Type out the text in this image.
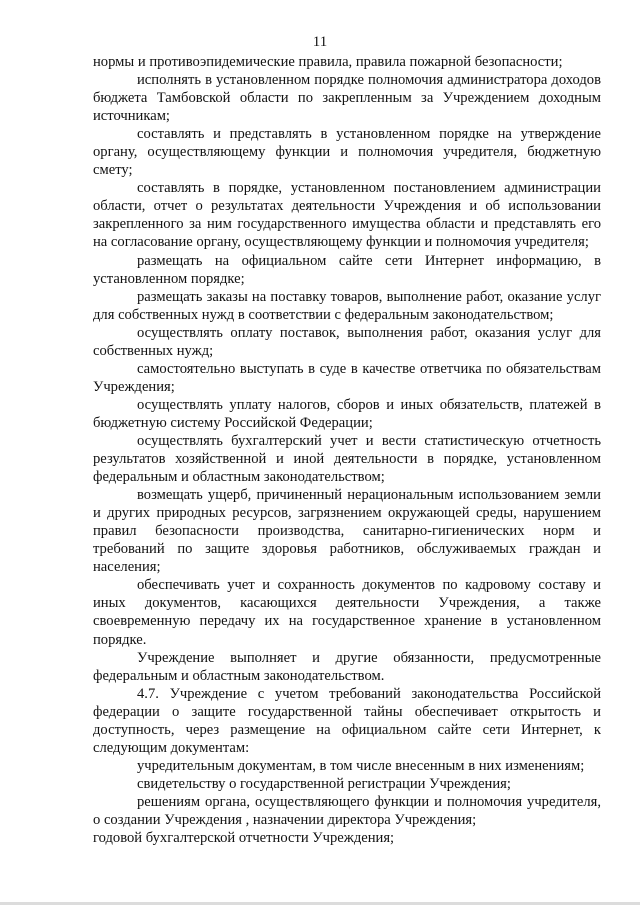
11

нормы и противоэпидемические правила, правила пожарной безопасности;

исполнять в установленном порядке полномочия администратора доходов бюджета Тамбовской области по закрепленным за Учреждением доходным источникам;

составлять и представлять в установленном порядке на утверждение органу, осуществляющему функции и полномочия учредителя, бюджетную смету;

составлять в порядке, установленном постановлением администрации области, отчет о результатах деятельности Учреждения и об использовании закрепленного за ним государственного имущества области и представлять его на согласование органу, осуществляющему функции и полномочия учредителя;

размещать на официальном сайте сети Интернет информацию, в установленном порядке;

размещать заказы на поставку товаров, выполнение работ, оказание услуг для собственных нужд в соответствии с федеральным законодательством;

осуществлять оплату поставок, выполнения работ, оказания услуг для собственных нужд;

самостоятельно выступать в суде в качестве ответчика по обязательствам Учреждения;

осуществлять уплату налогов, сборов и иных обязательств, платежей в бюджетную систему Российской Федерации;

осуществлять бухгалтерский учет и вести статистическую отчетность результатов хозяйственной и иной деятельности в порядке, установленном федеральным и областным законодательством;

возмещать ущерб, причиненный нерациональным использованием земли и других природных ресурсов, загрязнением окружающей среды, нарушением правил безопасности производства, санитарно-гигиенических норм и требований по защите здоровья работников, обслуживаемых граждан и населения;

обеспечивать учет и сохранность документов по кадровому составу и иных документов, касающихся деятельности Учреждения, а также своевременную передачу их на государственное хранение в установленном порядке.

Учреждение выполняет и другие обязанности, предусмотренные федеральным и областным законодательством.

4.7. Учреждение с учетом требований законодательства Российской федерации о защите государственной тайны обеспечивает открытость и доступность, через размещение на официальном сайте сети Интернет, к следующим документам:

учредительным документам, в том числе внесенным в них изменениям;

свидетельству о государственной регистрации Учреждения;

решениям органа, осуществляющего функции и полномочия учредителя, о создании Учреждения , назначении директора Учреждения;

годовой бухгалтерской отчетности Учреждения;
